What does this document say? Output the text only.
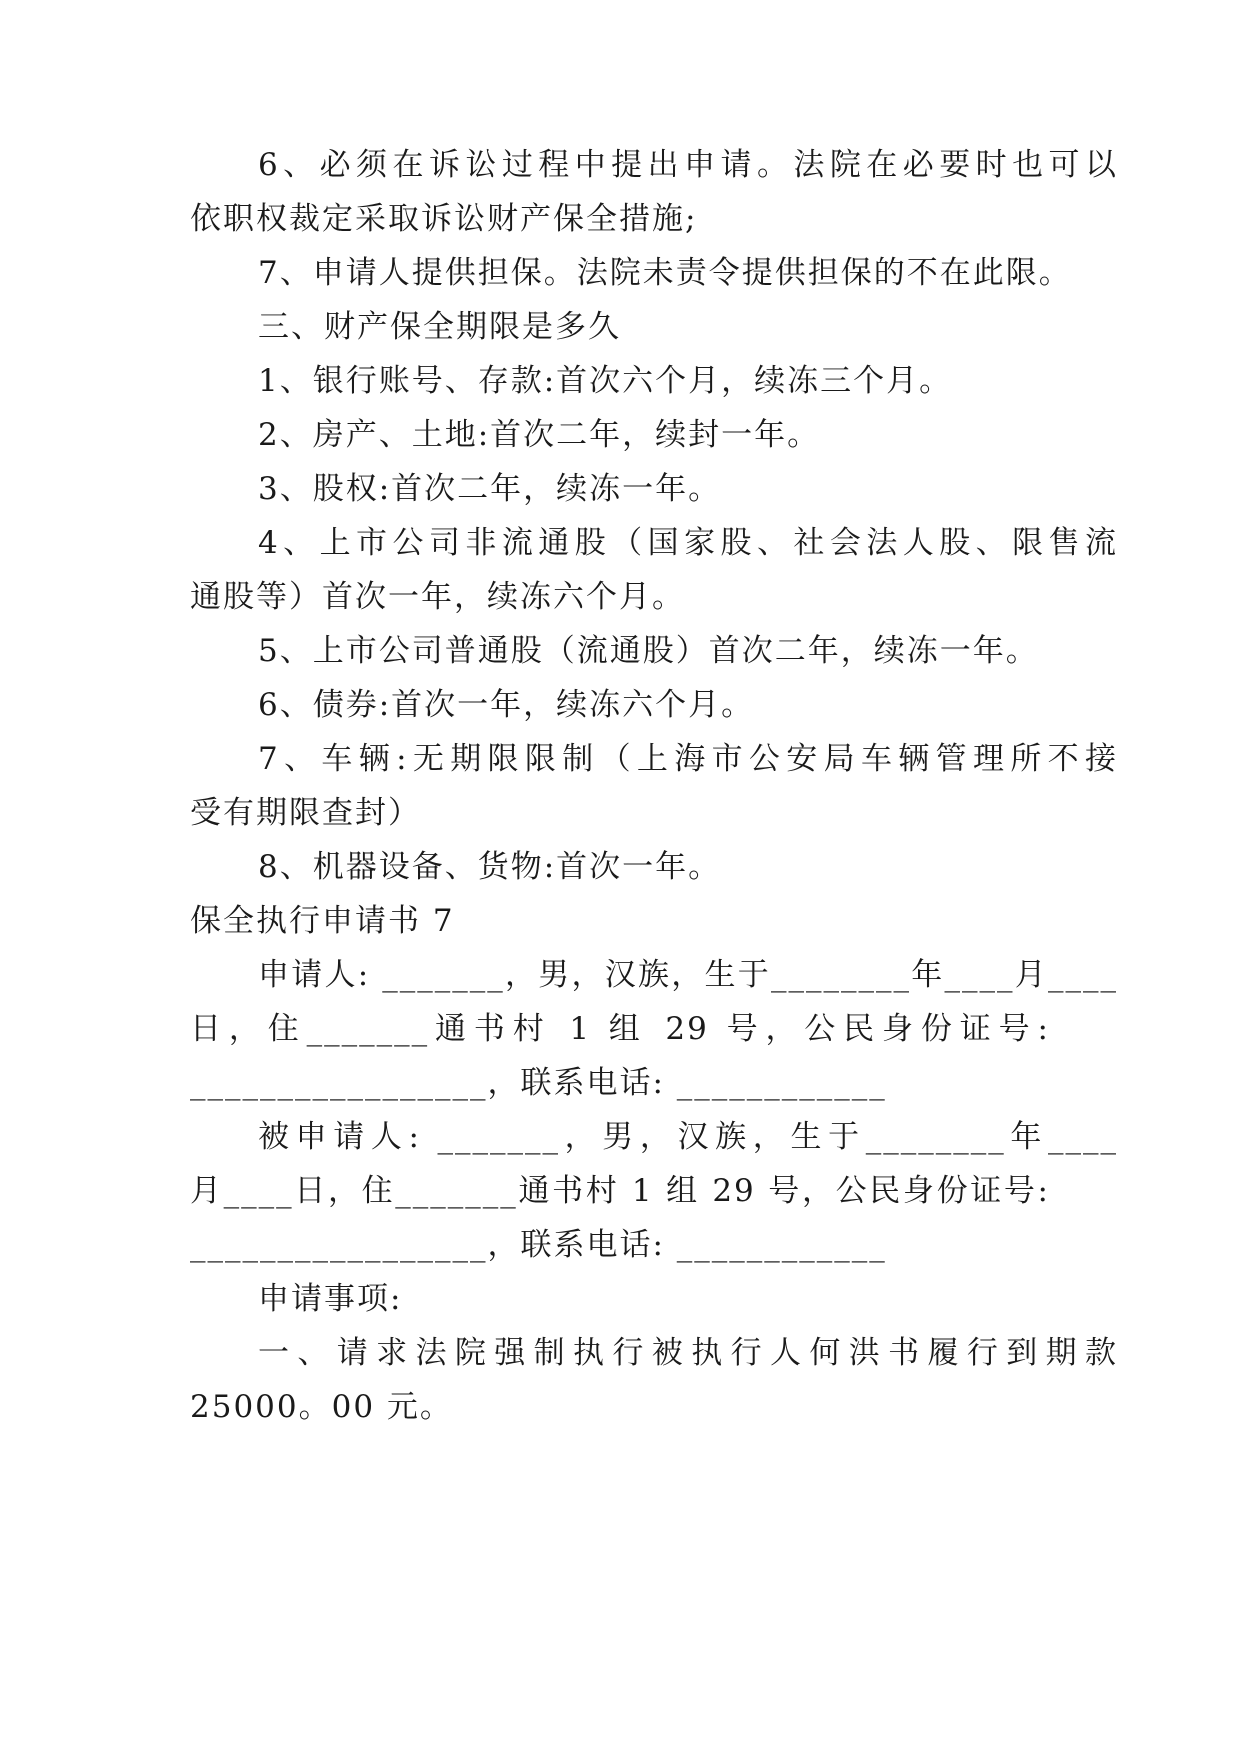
6、必须在诉讼过程中提出申请。法院在必要时也可以
依职权裁定采取诉讼财产保全措施;
7、申请人提供担保。法院未责令提供担保的不在此限。
三、财产保全期限是多久
1、银行账号、存款:首次六个月，续冻三个月。
2、房产、土地:首次二年，续封一年。
3、股权:首次二年，续冻一年。
4、上市公司非流通股（国家股、社会法人股、限售流
通股等）首次一年，续冻六个月。
5、上市公司普通股（流通股）首次二年，续冻一年。
6、债券:首次一年，续冻六个月。
7、车辆:无期限限制（上海市公安局车辆管理所不接
受有期限查封）
8、机器设备、货物:首次一年。
保全执行申请书 7
申请人: _______，男，汉族，生于________年____月____
日，住_______通书村 1 组 29 号，公民身份证号:
_________________，联系电话: ____________
被申请人: _______，男，汉族，生于________年____
月____日，住_______通书村 1 组 29 号，公民身份证号:
_________________，联系电话: ____________
申请事项:
一、请求法院强制执行被执行人何洪书履行到期款
25000。00 元。
